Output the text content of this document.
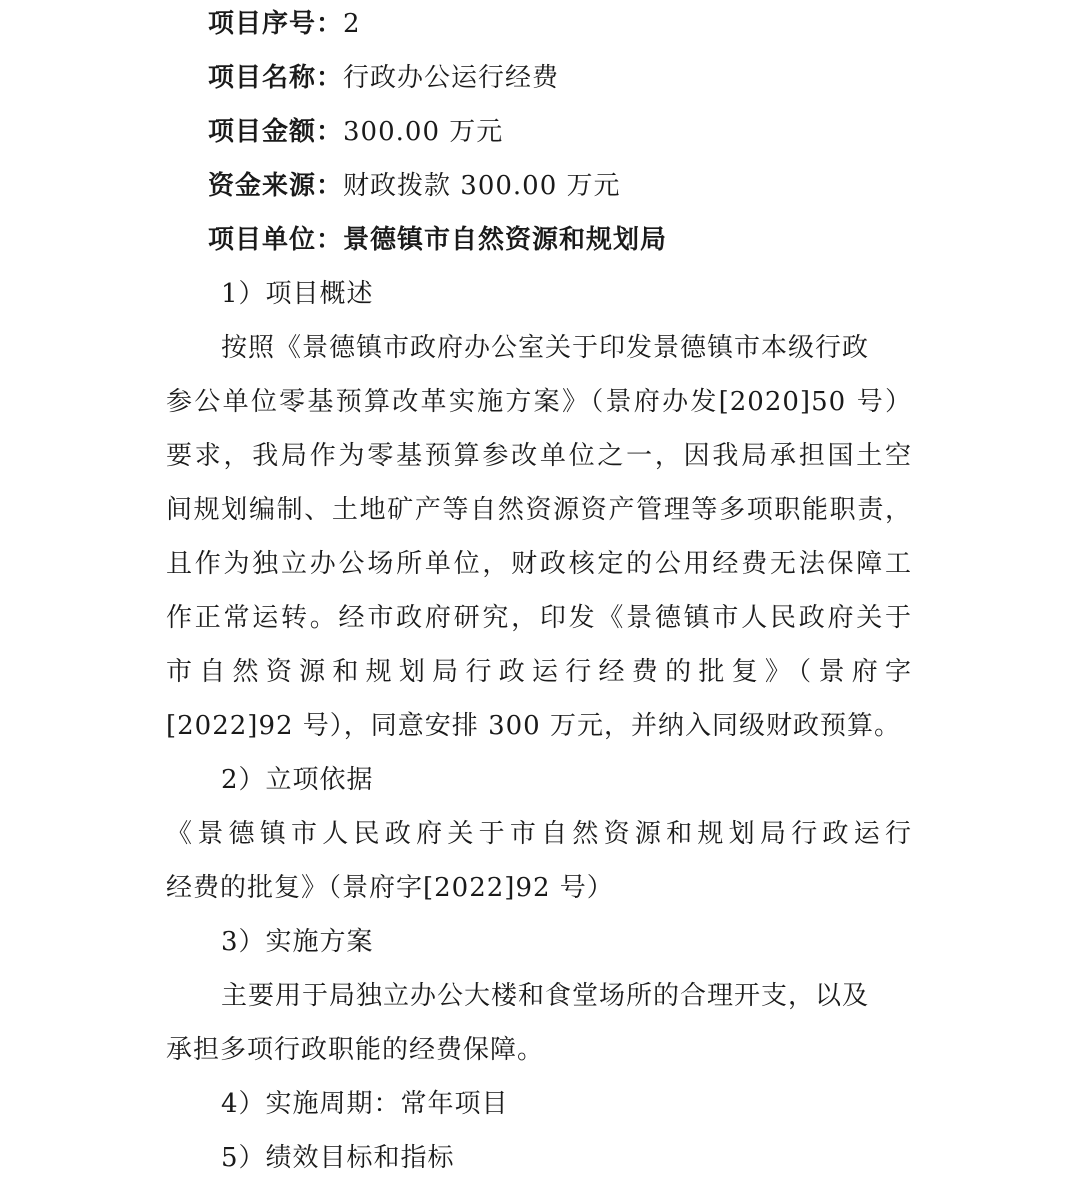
项目序号：2
项目名称：行政办公运行经费
项目金额：300.00 万元
资金来源：财政拨款 300.00 万元
项目单位：景德镇市自然资源和规划局
1）项目概述
按照《景德镇市政府办公室关于印发景德镇市本级行政
参公单位零基预算改革实施方案》（景府办发[2020]50 号）
要求，我局作为零基预算参改单位之一，因我局承担国土空
间规划编制、土地矿产等自然资源资产管理等多项职能职责，
且作为独立办公场所单位，财政核定的公用经费无法保障工
作正常运转。经市政府研究，印发《景德镇市人民政府关于
市自然资源和规划局行政运行经费的批复》（景府字
[2022]92 号），同意安排 300 万元，并纳入同级财政预算。
2）立项依据
《景德镇市人民政府关于市自然资源和规划局行政运行
经费的批复》（景府字[2022]92 号）
3）实施方案
主要用于局独立办公大楼和食堂场所的合理开支，以及
承担多项行政职能的经费保障。
4）实施周期：常年项目
5）绩效目标和指标
